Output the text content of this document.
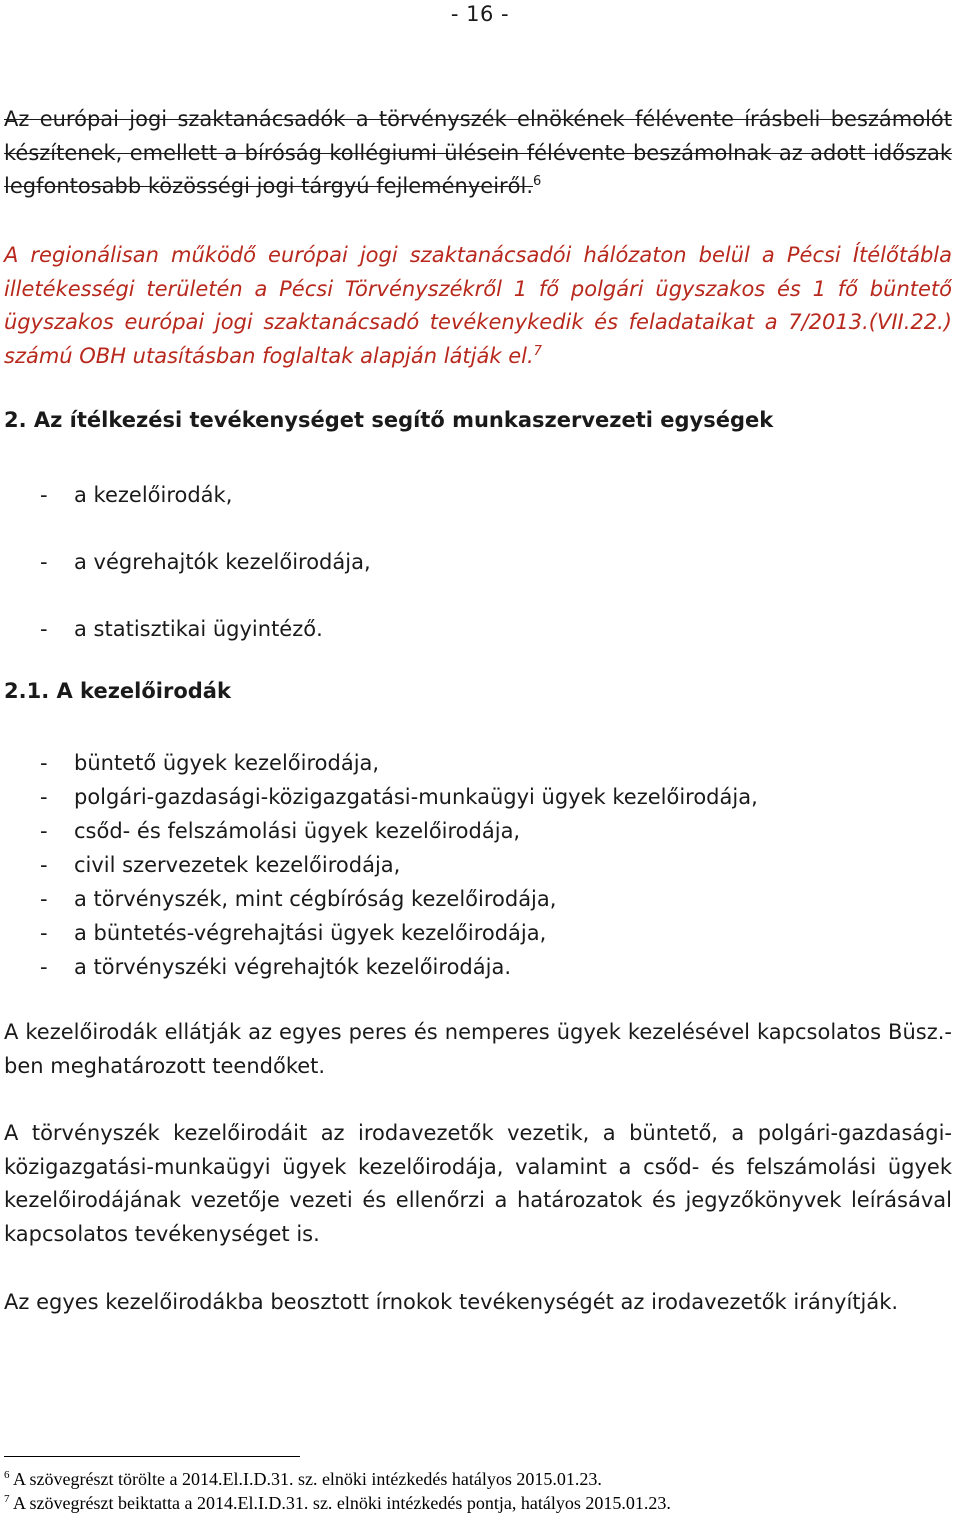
- 16 -

Az európai jogi szaktanácsadók a törvényszék elnökének félévente írásbeli beszámolót készítenek, emellett a bíróság kollégiumi ülésein félévente beszámolnak az adott időszak legfontosabb közösségi jogi tárgyú fejleményeiről.$^6$

A regionálisan működő európai jogi szaktanácsadói hálózaton belül a Pécsi Ítélőtábla illetékességi területén a Pécsi Törvényszékről 1 fő polgári ügyszakos és 1 fő büntető ügyszakos európai jogi szaktanácsadó tevékenykedik és feladataikat a 7/2013.(VII.22.) számú OBH utasításban foglaltak alapján látják el.$^7$

2. Az ítélkezési tevékenységet segítő munkaszervezeti egységek
- a kezelőirodák,
- a végrehajtók kezelőirodája,
- a statisztikai ügyintéző.
2.1. A kezelőirodák
- büntető ügyek kezelőirodája,
- polgári-gazdasági-közigazgatási-munkaügyi ügyek kezelőirodája,
- csőd- és felszámolási ügyek kezelőirodája,
- civil szervezetek kezelőirodája,
- a törvényszék, mint cégbíróság kezelőirodája,
- a büntetés-végrehajtási ügyek kezelőirodája,
- a törvényszéki végrehajtók kezelőirodája.

A kezelőirodák ellátják az egyes peres és nemperes ügyek kezelésével kapcsolatos Büsz.-ben meghatározott teendőket.

A törvényszék kezelőirodáit az irodavezetők vezetik, a büntető, a polgári-gazdasági-közigazgatási-munkaügyi ügyek kezelőirodája, valamint a csőd- és felszámolási ügyek kezelőirodájának vezetője vezeti és ellenőrzi a határozatok és jegyzőkönyvek leírásával kapcsolatos tevékenységet is.

Az egyes kezelőirodákba beosztott írnokok tevékenységét az irodavezetők irányítják.

$^6$ A szövegrészt törölte a 2014.El.I.D.31. sz. elnöki intézkedés hatályos 2015.01.23.

$^7$ A szövegrészt beiktatta a 2014.El.I.D.31. sz. elnöki intézkedés pontja, hatályos 2015.01.23.
